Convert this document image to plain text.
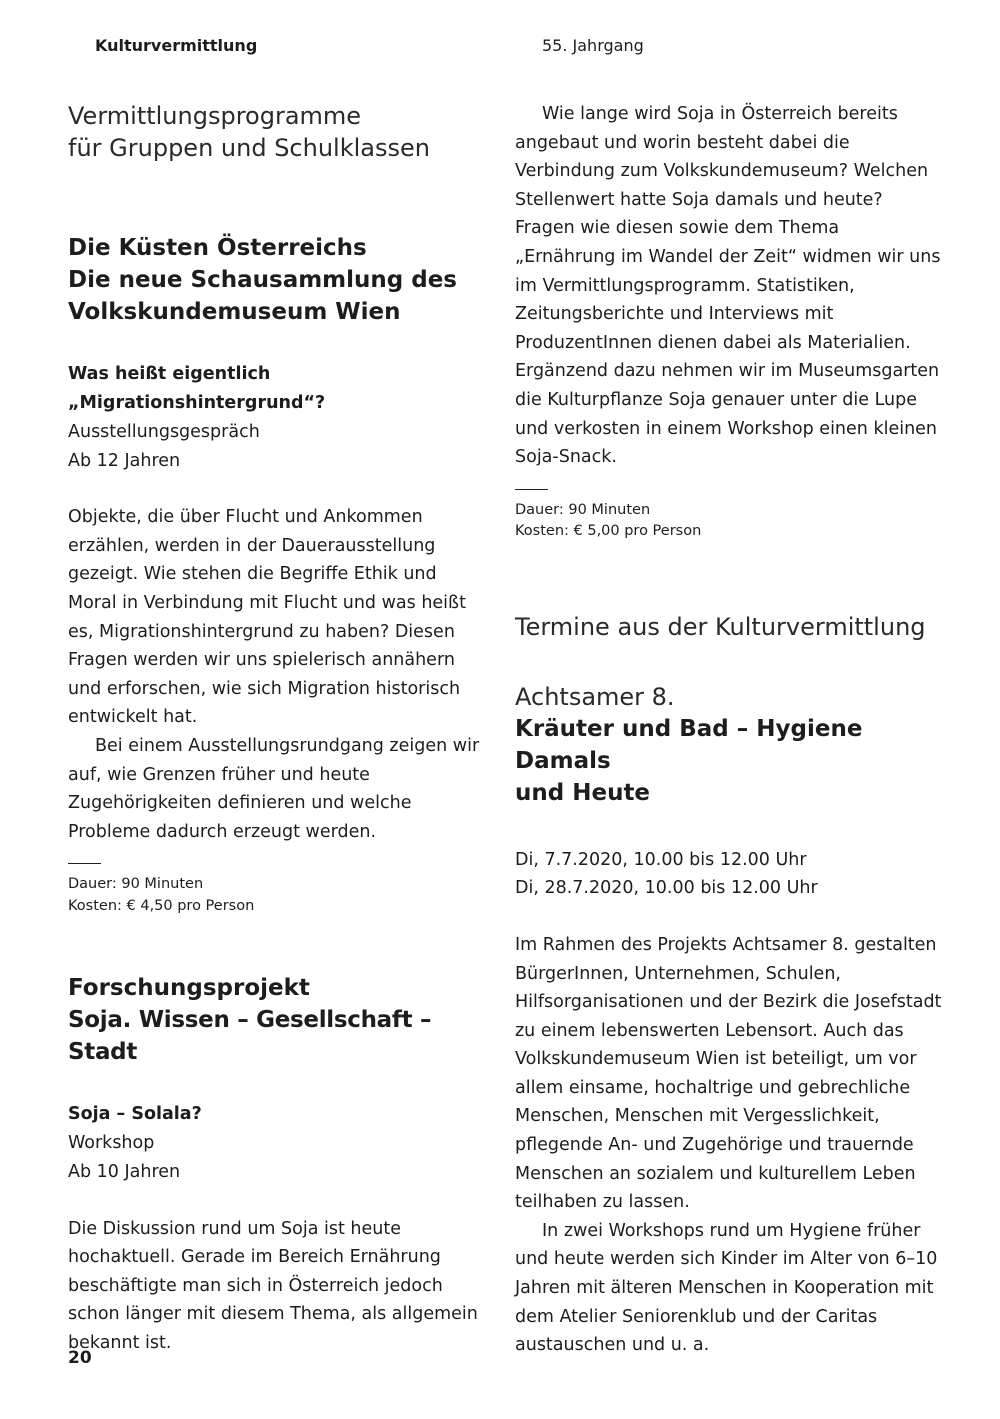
Kulturvermittlung	55. Jahrgang
Vermittlungsprogramme
für Gruppen und Schulklassen
Die Küsten Österreichs
Die neue Schausammlung des
Volkskundemuseum Wien
Was heißt eigentlich
„Migrationshintergrund“?
Ausstellungsgespräch
Ab 12 Jahren

Objekte, die über Flucht und Ankommen erzählen, werden in der Dauerausstellung gezeigt. Wie stehen die Begriffe Ethik und Moral in Verbindung mit Flucht und was heißt es, Migrationshintergrund zu haben? Diesen Fragen werden wir uns spielerisch annähern und erforschen, wie sich Migration historisch entwickelt hat.

Bei einem Ausstellungsrundgang zeigen wir auf, wie Grenzen früher und heute Zugehörigkeiten definieren und welche Probleme dadurch erzeugt werden.

Dauer: 90 Minuten
Kosten: € 4,50 pro Person
Forschungsprojekt
Soja. Wissen – Gesellschaft – Stadt
Soja – Solala?
Workshop
Ab 10 Jahren

Die Diskussion rund um Soja ist heute hochaktuell. Gerade im Bereich Ernährung beschäftigte man sich in Österreich jedoch schon länger mit diesem Thema, als allgemein bekannt ist.

Wie lange wird Soja in Österreich bereits angebaut und worin besteht dabei die Verbindung zum Volkskundemuseum? Welchen Stellenwert hatte Soja damals und heute? Fragen wie diesen sowie dem Thema „Ernährung im Wandel der Zeit“ widmen wir uns im Vermittlungsprogramm. Statistiken, Zeitungsberichte und Interviews mit ProduzentInnen dienen dabei als Materialien. Ergänzend dazu nehmen wir im Museumsgarten die Kulturpflanze Soja genauer unter die Lupe und verkosten in einem Workshop einen kleinen Soja-Snack.

Dauer: 90 Minuten
Kosten: € 5,00 pro Person
Termine aus der Kulturvermittlung
Achtsamer 8.
Kräuter und Bad – Hygiene Damals
und Heute
Di, 7.7.2020, 10.00 bis 12.00 Uhr
Di, 28.7.2020, 10.00 bis 12.00 Uhr

Im Rahmen des Projekts Achtsamer 8. gestalten BürgerInnen, Unternehmen, Schulen, Hilfsorganisationen und der Bezirk die Josefstadt zu einem lebenswerten Lebensort. Auch das Volkskundemuseum Wien ist beteiligt, um vor allem einsame, hochaltrige und gebrechliche Menschen, Menschen mit Vergesslichkeit, pflegende An- und Zugehörige und trauernde Menschen an sozialem und kulturellem Leben teilhaben zu lassen.

In zwei Workshops rund um Hygiene früher und heute werden sich Kinder im Alter von 6–10 Jahren mit älteren Menschen in Kooperation mit dem Atelier Seniorenklub und der Caritas austauschen und u. a.

20
